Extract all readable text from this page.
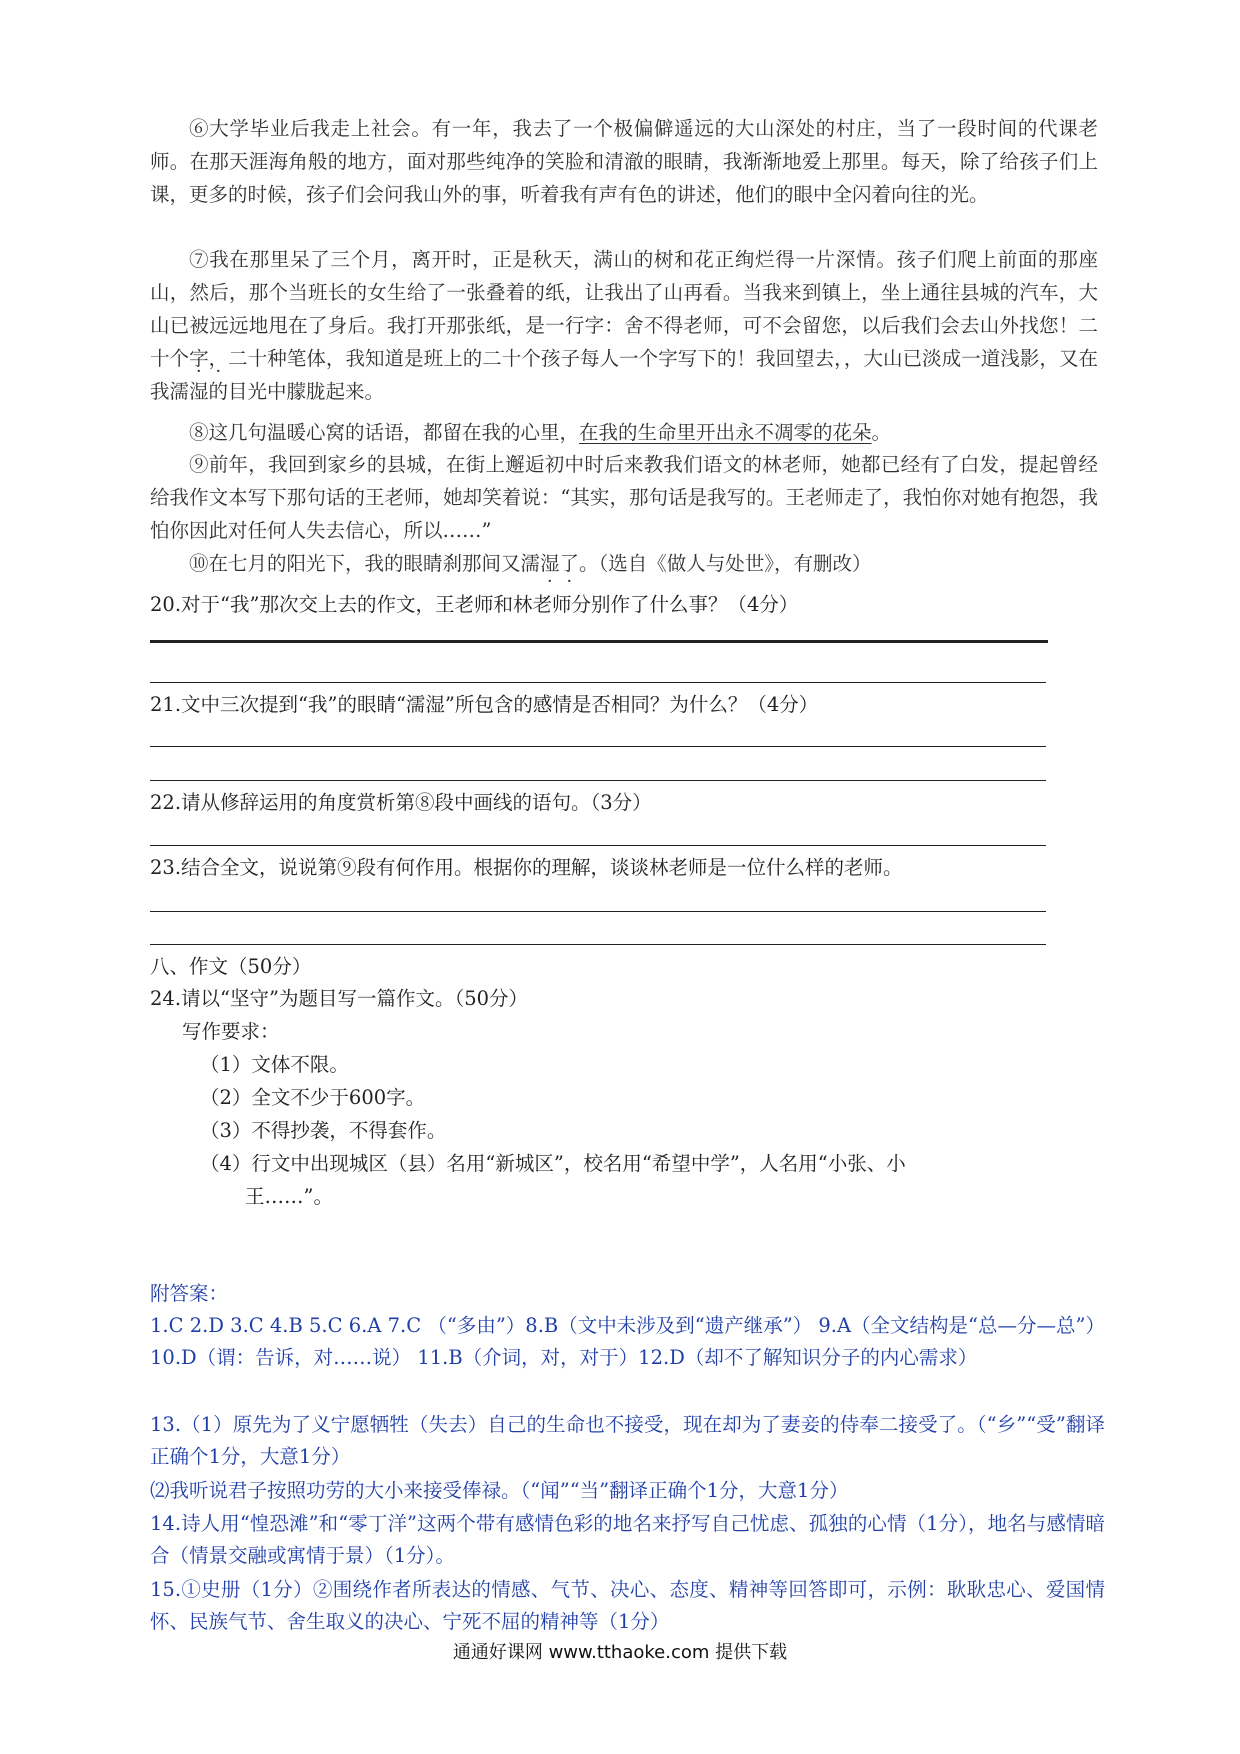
⑥大学毕业后我走上社会。有一年，我去了一个极偏僻遥远的大山深处的村庄，当了一段时间的代课老师。在那天涯海角般的地方，面对那些纯净的笑脸和清澈的眼睛，我渐渐地爱上那里。每天，除了给孩子们上课，更多的时候，孩子们会问我山外的事，听着我有声有色的讲述，他们的眼中全闪着向往的光。

⑦我在那里呆了三个月，离开时，正是秋天，满山的树和花正绚烂得一片深情。孩子们爬上前面的那座山，然后，那个当班长的女生给了一张叠着的纸，让我出了山再看。当我来到镇上，坐上通往县城的汽车，大山已被远远地甩在了身后。我打开那张纸，是一行字：舍不得老师，可不会留您，以后我们会去山外找您！二十个字，二十种笔体，我知道是班上的二十个孩子每人一个字写下的！我回望去，，大山已淡成一道浅影，又在我濡湿的目光中朦胧起来。

⑧这几句温暖心窝的话语，都留在我的心里，在我的生命里开出永不凋零的花朵。

⑨前年，我回到家乡的县城，在街上邂逅初中时后来教我们语文的林老师，她都已经有了白发，提起曾经给我作文本写下那句话的王老师，她却笑着说：“其实，那句话是我写的。王老师走了，我怕你对她有抱怨，我怕你因此对任何人失去信心，所以……”

⑩在七月的阳光下，我的眼睛刹那间又濡湿了。（选自《做人与处世》，有删改）

20.对于“我”那次交上去的作文，王老师和林老师分别作了什么事？（4分）

21.文中三次提到“我”的眼睛“濡湿”所包含的感情是否相同？为什么？（4分）

22.请从修辞运用的角度赏析第⑧段中画线的语句。（3分）

23.结合全文，说说第⑨段有何作用。根据你的理解，谈谈林老师是一位什么样的老师。

八、作文（50分）

24.请以“坚守”为题目写一篇作文。（50分）

写作要求：

（1）文体不限。

（2）全文不少于600字。

（3）不得抄袭，不得套作。

（4）行文中出现城区（县）名用“新城区”，校名用“希望中学”，人名用“小张、小

王……”。

附答案：

1.C 2.D 3.C 4.B 5.C 6.A 7.C （“多由”）8.B（文中未涉及到“遗产继承”） 9.A（全文结构是“总—分—总”） 10.D（谓：告诉，对……说） 11.B（介词，对，对于）12.D（却不了解知识分子的内心需求）

13.（1）原先为了义宁愿牺牲（失去）自己的生命也不接受，现在却为了妻妾的侍奉二接受了。（“乡”“受”翻译正确个1分，大意1分）

⑵我听说君子按照功劳的大小来接受俸禄。（“闻”“当”翻译正确个1分，大意1分）

14.诗人用“惶恐滩”和“零丁洋”这两个带有感情色彩的地名来抒写自己忧虑、孤独的心情（1分），地名与感情暗合（情景交融或寓情于景）（1分）。

15.①史册（1分）②围绕作者所表达的情感、气节、决心、态度、精神等回答即可，示例：耿耿忠心、爱国情怀、民族气节、舍生取义的决心、宁死不屈的精神等（1分）

通通好课网 www.tthaoke.com 提供下载
